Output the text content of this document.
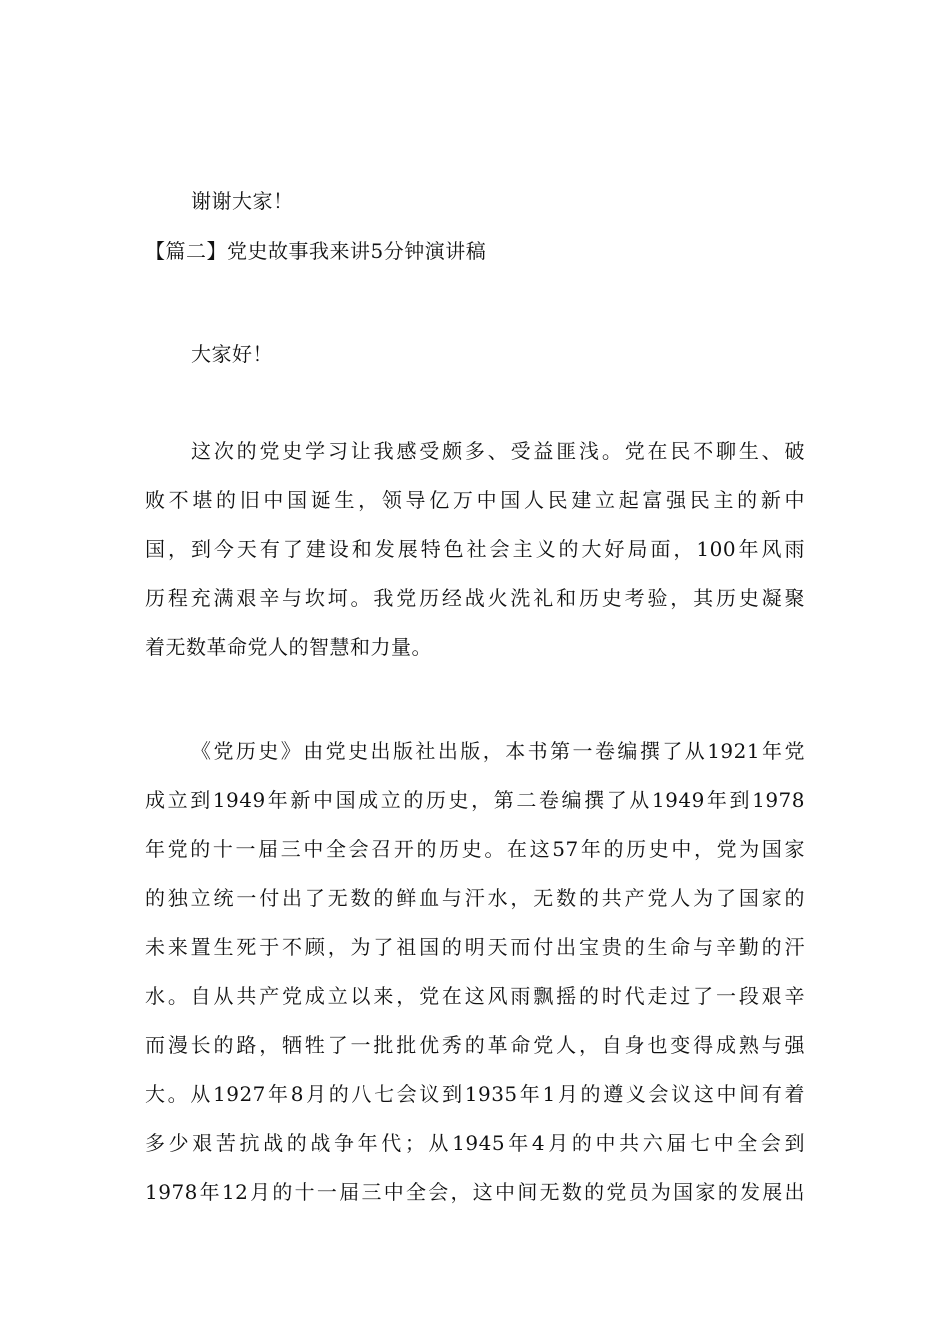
谢谢大家！
【篇二】党史故事我来讲5分钟演讲稿
大家好！
这次的党史学习让我感受颇多、受益匪浅。党在民不聊生、破
败不堪的旧中国诞生，领导亿万中国人民建立起富强民主的新中
国，到今天有了建设和发展特色社会主义的大好局面，100年风雨
历程充满艰辛与坎坷。我党历经战火洗礼和历史考验，其历史凝聚
着无数革命党人的智慧和力量。
《党历史》由党史出版社出版，本书第一卷编撰了从1921年党
成立到1949年新中国成立的历史，第二卷编撰了从1949年到1978
年党的十一届三中全会召开的历史。在这57年的历史中，党为国家
的独立统一付出了无数的鲜血与汗水，无数的共产党人为了国家的
未来置生死于不顾，为了祖国的明天而付出宝贵的生命与辛勤的汗
水。自从共产党成立以来，党在这风雨飘摇的时代走过了一段艰辛
而漫长的路，牺牲了一批批优秀的革命党人，自身也变得成熟与强
大。从1927年8月的八七会议到1935年1月的遵义会议这中间有着
多少艰苦抗战的战争年代；从1945年4月的中共六届七中全会到
1978年12月的十一届三中全会，这中间无数的党员为国家的发展出
